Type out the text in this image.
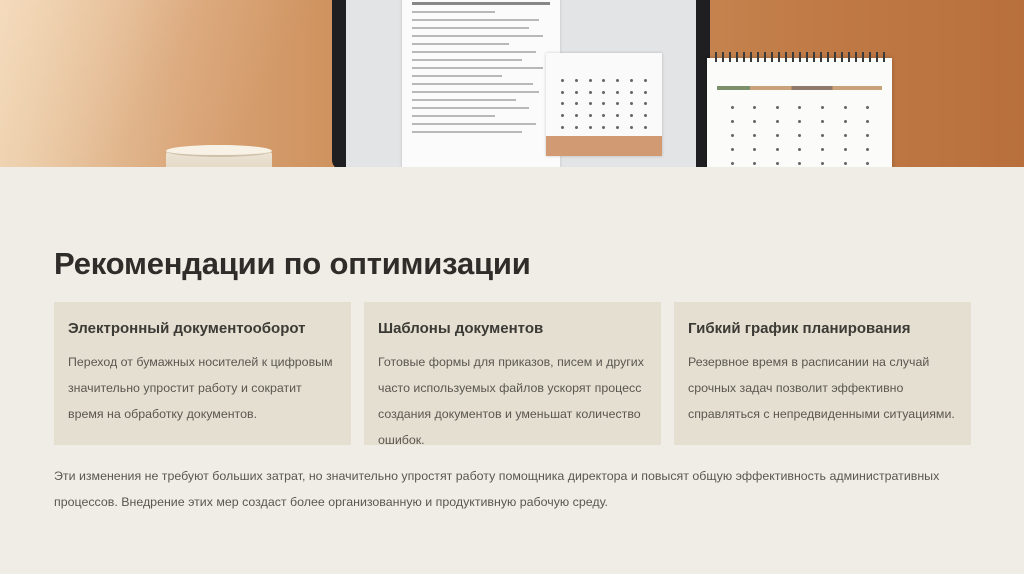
Рекомендации по оптимизации
Электронный документооборот

Переход от бумажных носителей к цифровым значительно упростит работу и сократит время на обработку документов.

Шаблоны документов

Готовые формы для приказов, писем и других часто используемых файлов ускорят процесс создания документов и уменьшат количество ошибок.

Гибкий график планирования

Резервное время в расписании на случай срочных задач позволит эффективно справляться с непредвиденными ситуациями.

Эти изменения не требуют больших затрат, но значительно упростят работу помощника директора и повысят общую эффективность административных процессов. Внедрение этих мер создаст более организованную и продуктивную рабочую среду.
